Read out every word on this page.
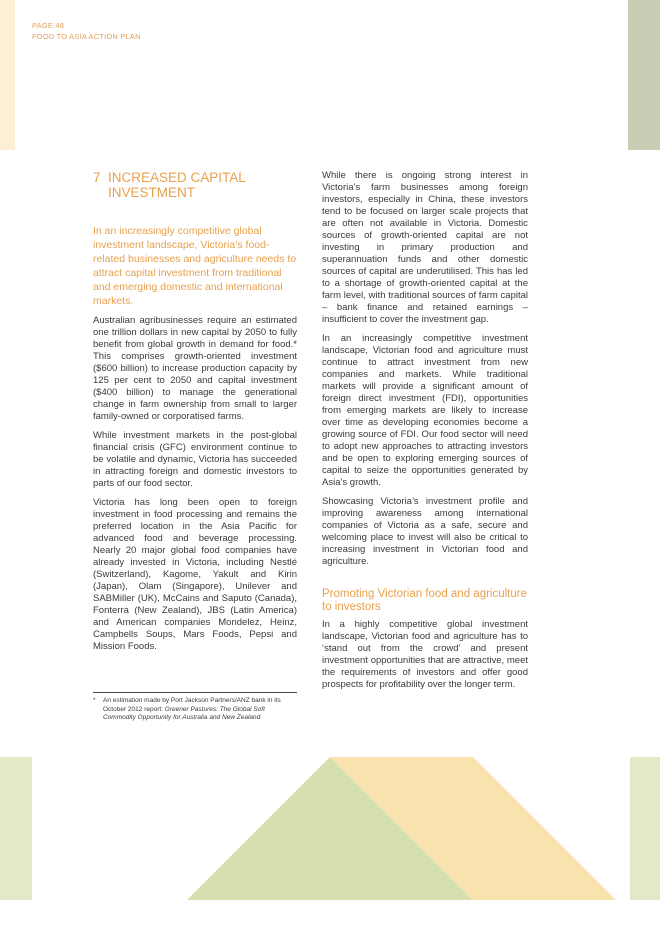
PAGE 48
FOOD TO ASIA ACTION PLAN
7 INCREASED CAPITAL INVESTMENT

In an increasingly competitive global investment landscape, Victoria’s food-related businesses and agriculture needs to attract capital investment from traditional and emerging domestic and international markets.

Australian agribusinesses require an estimated one trillion dollars in new capital by 2050 to fully benefit from global growth in demand for food.* This comprises growth-oriented investment ($600 billion) to increase production capacity by 125 per cent to 2050 and capital investment ($400 billion) to manage the generational change in farm ownership from small to larger family-owned or corporatised farms.

While investment markets in the post-global financial crisis (GFC) environment continue to be volatile and dynamic, Victoria has succeeded in attracting foreign and domestic investors to parts of our food sector.

Victoria has long been open to foreign investment in food processing and remains the preferred location in the Asia Pacific for advanced food and beverage processing. Nearly 20 major global food companies have already invested in Victoria, including Nestlé (Switzerland), Kagome, Yakult and Kirin (Japan), Olam (Singapore), Unilever and SABMiller (UK), McCains and Saputo (Canada), Fonterra (New Zealand), JBS (Latin America) and American companies Mondelez, Heinz, Campbells Soups, Mars Foods, Pepsi and Mission Foods.

While there is ongoing strong interest in Victoria’s farm businesses among foreign investors, especially in China, these investors tend to be focused on larger scale projects that are often not available in Victoria. Domestic sources of growth-oriented capital are not investing in primary production and superannuation funds and other domestic sources of capital are underutilised. This has led to a shortage of growth-oriented capital at the farm level, with traditional sources of farm capital – bank finance and retained earnings – insufficient to cover the investment gap.

In an increasingly competitive investment landscape, Victorian food and agriculture must continue to attract investment from new companies and markets. While traditional markets will provide a significant amount of foreign direct investment (FDI), opportunities from emerging markets are likely to increase over time as developing economies become a growing source of FDI. Our food sector will need to adopt new approaches to attracting investors and be open to exploring emerging sources of capital to seize the opportunities generated by Asia’s growth.

Showcasing Victoria’s investment profile and improving awareness among international companies of Victoria as a safe, secure and welcoming place to invest will also be critical to increasing investment in Victorian food and agriculture.

Promoting Victorian food and agriculture to investors

In a highly competitive global investment landscape, Victorian food and agriculture has to ‘stand out from the crowd’ and present investment opportunities that are attractive, meet the requirements of investors and offer good prospects for profitability over the longer term.

*	An estimation made by Port Jackson Partners/ANZ bank in its October 2012 report: Greener Pastures: The Global Soft Commodity Opportunity for Australia and New Zealand
